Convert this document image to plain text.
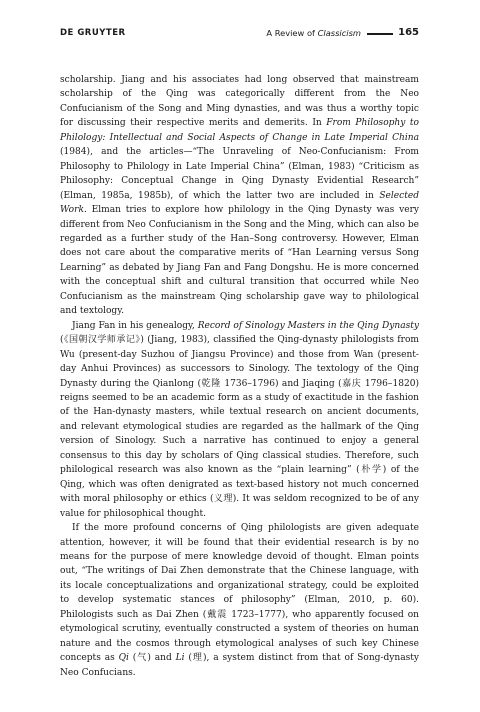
DE GRUYTER	A Review of Classicism	165

scholarship. Jiang and his associates had long observed that mainstream scholarship of the Qing was categorically different from the Neo Confucianism of the Song and Ming dynasties, and was thus a worthy topic for discussing their respective merits and demerits. In From Philosophy to Philology: Intellectual and Social Aspects of Change in Late Imperial China (1984), and the articles—“The Unraveling of Neo-Confucianism: From Philosophy to Philology in Late Imperial China” (Elman, 1983) “Criticism as Philosophy: Conceptual Change in Qing Dynasty Evidential Research” (Elman, 1985a, 1985b), of which the latter two are included in Selected Work. Elman tries to explore how philology in the Qing Dynasty was very different from Neo Confucianism in the Song and the Ming, which can also be regarded as a further study of the Han–Song controversy. However, Elman does not care about the comparative merits of “Han Learning versus Song Learning” as debated by Jiang Fan and Fang Dongshu. He is more concerned with the conceptual shift and cultural transition that occurred while Neo Confucianism as the mainstream Qing scholarship gave way to philological and textology.

Jiang Fan in his genealogy, Record of Sinology Masters in the Qing Dynasty (《国朝汉学师承记》) (Jiang, 1983), classified the Qing-dynasty philologists from Wu (present-day Suzhou of Jiangsu Province) and those from Wan (present-day Anhui Provinces) as successors to Sinology. The textology of the Qing Dynasty during the Qianlong (乾隆 1736–1796) and Jiaqing (嘉庆 1796–1820) reigns seemed to be an academic form as a study of exactitude in the fashion of the Han-dynasty masters, while textual research on ancient documents, and relevant etymological studies are regarded as the hallmark of the Qing version of Sinology. Such a narrative has continued to enjoy a general consensus to this day by scholars of Qing classical studies. Therefore, such philological research was also known as the “plain learning” (朴学) of the Qing, which was often denigrated as text-based history not much concerned with moral philosophy or ethics (义理). It was seldom recognized to be of any value for philosophical thought.

If the more profound concerns of Qing philologists are given adequate attention, however, it will be found that their evidential research is by no means for the purpose of mere knowledge devoid of thought. Elman points out, “The writings of Dai Zhen demonstrate that the Chinese language, with its locale conceptualizations and organizational strategy, could be exploited to develop systematic stances of philosophy” (Elman, 2010, p. 60). Philologists such as Dai Zhen (戴震 1723–1777), who apparently focused on etymological scrutiny, eventually constructed a system of theories on human nature and the cosmos through etymological analyses of such key Chinese concepts as Qi (气) and Li (理), a system distinct from that of Song-dynasty Neo Confucians.
